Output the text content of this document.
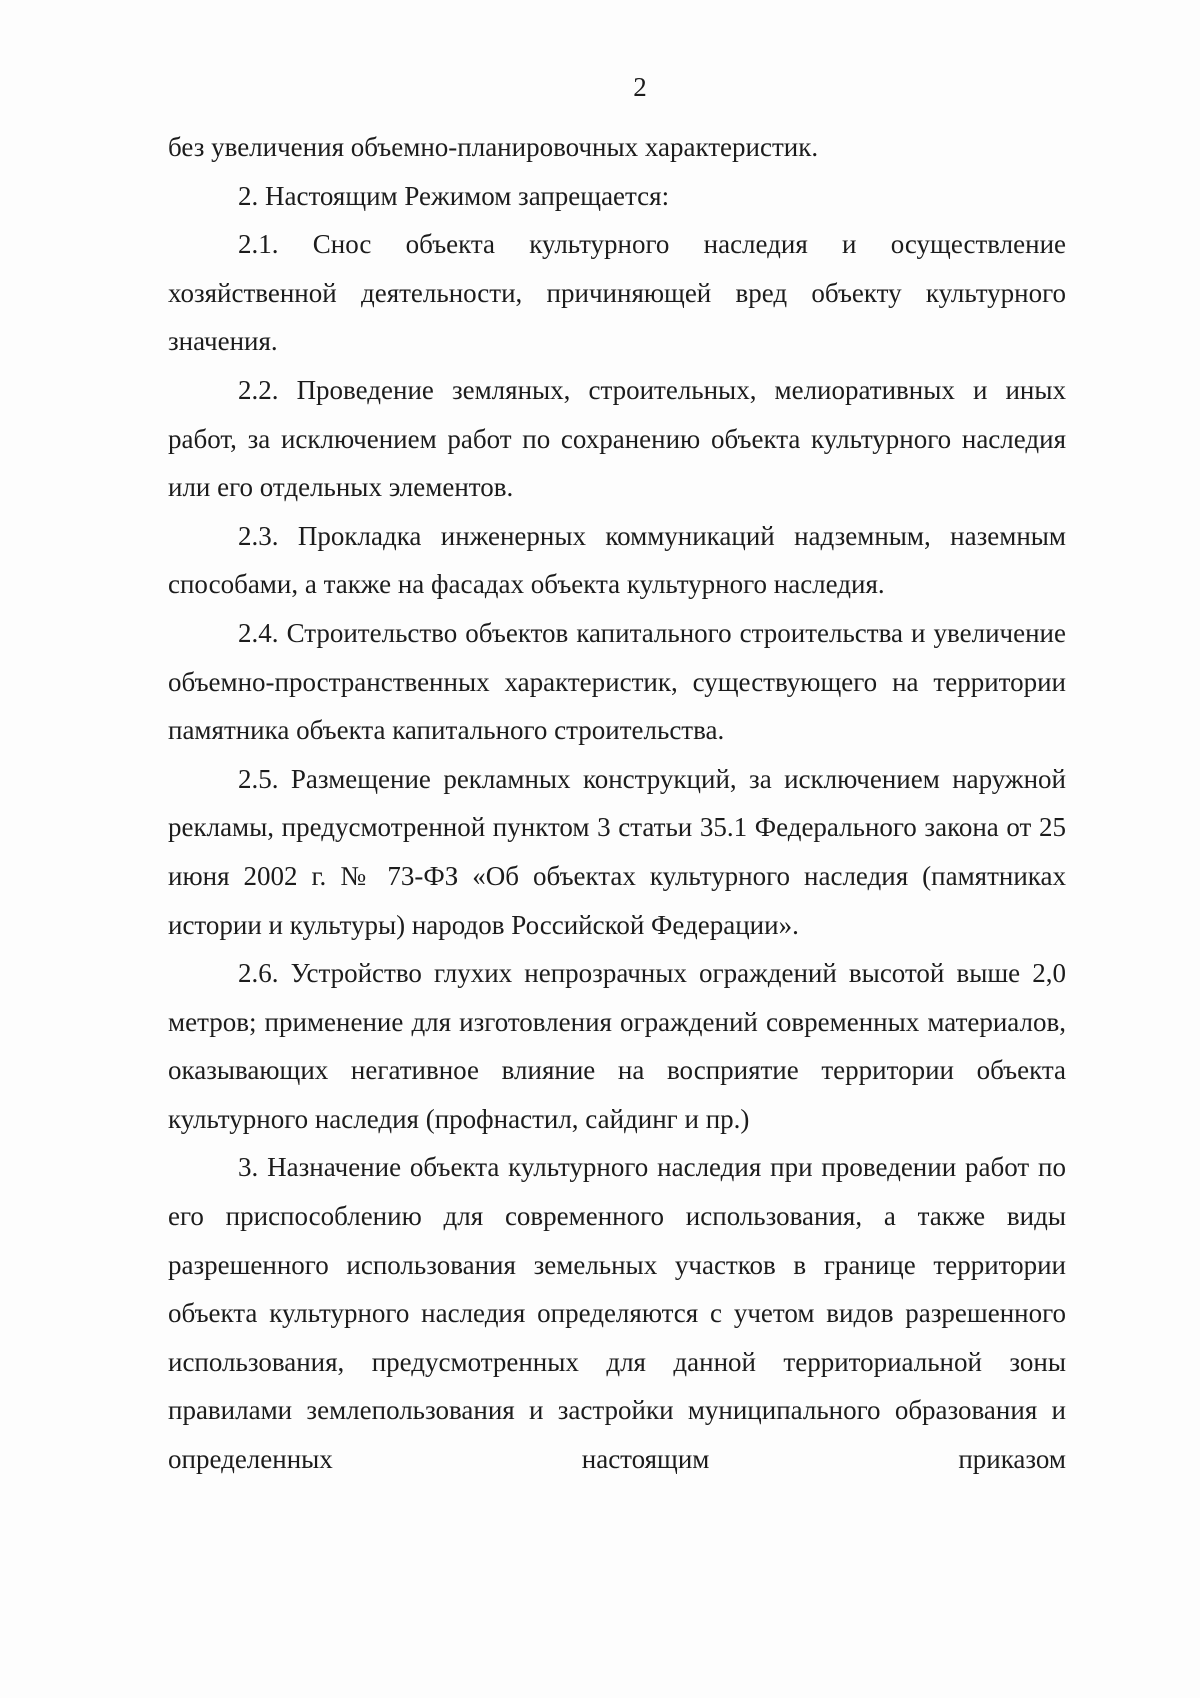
2

без увеличения объемно-планировочных характеристик.

2. Настоящим Режимом запрещается:

2.1. Снос объекта культурного наследия и осуществление хозяйственной деятельности, причиняющей вред объекту культурного значения.

2.2. Проведение земляных, строительных, мелиоративных и иных работ, за исключением работ по сохранению объекта культурного наследия или его отдельных элементов.

2.3. Прокладка инженерных коммуникаций надземным, наземным способами, а также на фасадах объекта культурного наследия.

2.4. Строительство объектов капитального строительства и увеличение объемно-пространственных характеристик, существующего на территории памятника объекта капитального строительства.

2.5. Размещение рекламных конструкций, за исключением наружной рекламы, предусмотренной пунктом 3 статьи 35.1 Федерального закона от 25 июня 2002 г. № 73-ФЗ «Об объектах культурного наследия (памятниках истории и культуры) народов Российской Федерации».

2.6. Устройство глухих непрозрачных ограждений высотой выше 2,0 метров; применение для изготовления ограждений современных материалов, оказывающих негативное влияние на восприятие территории объекта культурного наследия (профнастил, сайдинг и пр.)

3. Назначение объекта культурного наследия при проведении работ по его приспособлению для современного использования, а также виды разрешенного использования земельных участков в границе территории объекта культурного наследия определяются с учетом видов разрешенного использования, предусмотренных для данной территориальной зоны правилами землепользования и застройки муниципального образования и определенных настоящим приказом
